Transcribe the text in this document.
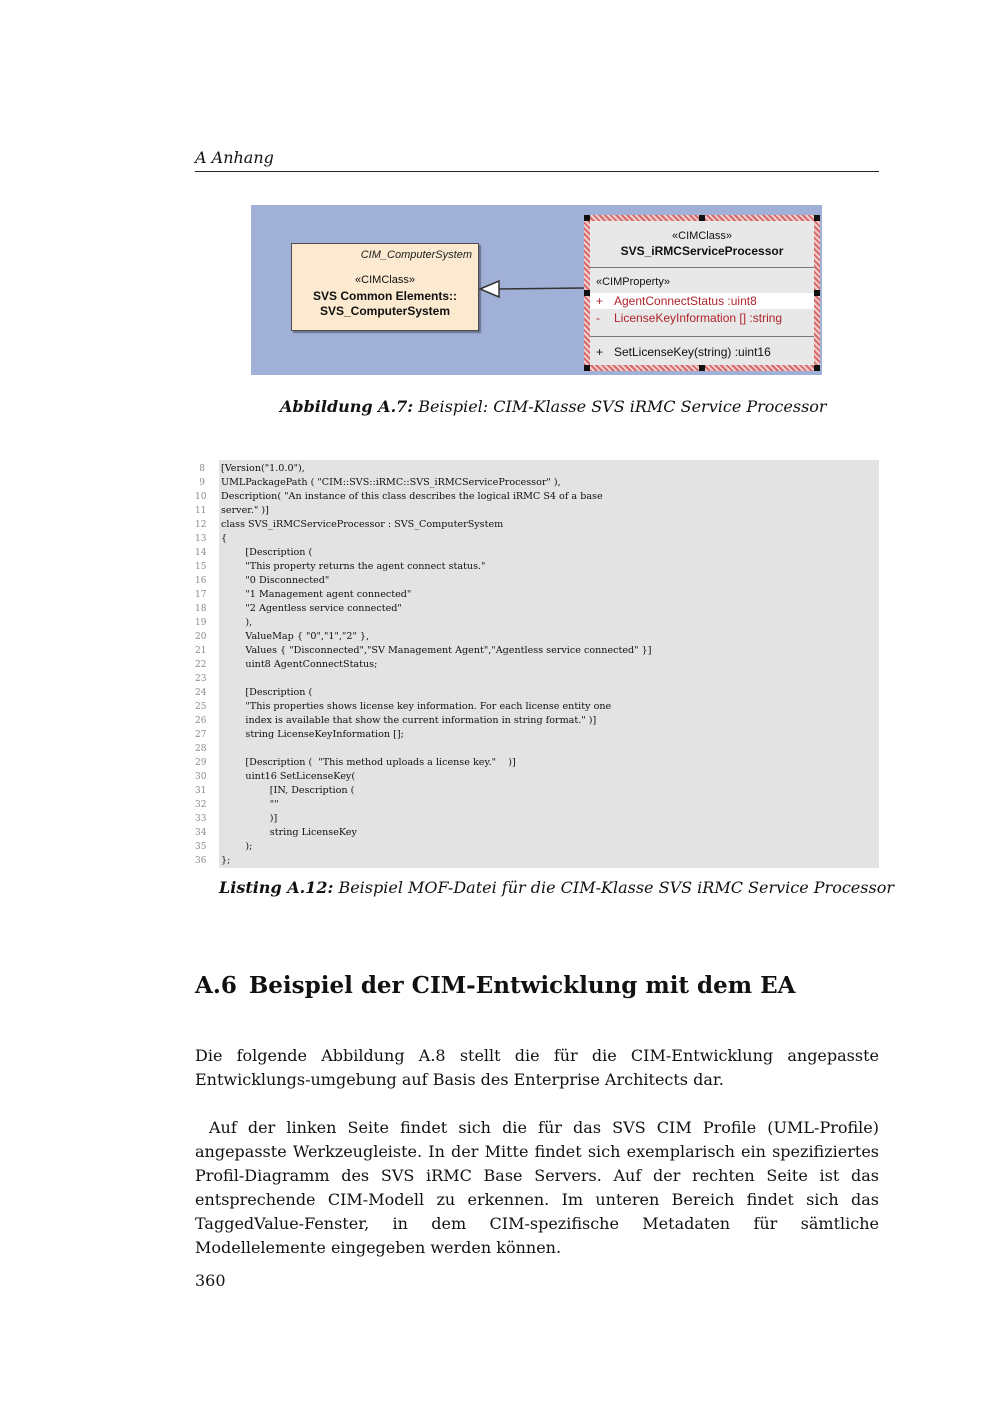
A Anhang
CIM_ComputerSystem
«CIMClass»
SVS Common Elements::
SVS_ComputerSystem
«CIMClass»
SVS_iRMCServiceProcessor
«CIMProperty»
+ AgentConnectStatus :uint8
- LicenseKeyInformation [] :string
+ SetLicenseKey(string) :uint16
Abbildung A.7: Beispiel: CIM-Klasse SVS iRMC Service Processor
8 [Version("1.0.0"),
9 UMLPackagePath ( "CIM::SVS::iRMC::SVS_iRMCServiceProcessor" ),
10 Description( "An instance of this class describes the logical iRMC S4 of a base
11 server." )]
12 class SVS_iRMCServiceProcessor : SVS_ComputerSystem
13 {
14 [Description (
15 "This property returns the agent connect status."
16 "0 Disconnected"
17 "1 Management agent connected"
18 "2 Agentless service connected"
19 ),
20 ValueMap { "0","1","2" },
21 Values { "Disconnected","SV Management Agent","Agentless service connected" }]
22 uint8 AgentConnectStatus;
23
24 [Description (
25 "This properties shows license key information. For each license entity one
26 index is available that show the current information in string format." )]
27 string LicenseKeyInformation [];
28
29 [Description (  "This method uploads a license key."    )]
30 uint16 SetLicenseKey(
31 [IN, Description (
32 ""
33 )]
34 string LicenseKey
35 );
36 };
Listing A.12: Beispiel MOF-Datei für die CIM-Klasse SVS iRMC Service Processor
A.6 Beispiel der CIM-Entwicklung mit dem EA
Die folgende Abbildung A.8 stellt die für die CIM-Entwicklung angepasste Entwicklungs-umgebung auf Basis des Enterprise Architects dar.
Auf der linken Seite findet sich die für das SVS CIM Profile (UML-Profile) angepasste Werkzeugleiste. In der Mitte findet sich exemplarisch ein spezifiziertes Profil-Diagramm des SVS iRMC Base Servers. Auf der rechten Seite ist das entsprechende CIM-Modell zu erkennen. Im unteren Bereich findet sich das TaggedValue-Fenster, in dem CIM-spezifische Metadaten für sämtliche Modellelemente eingegeben werden können.
360
